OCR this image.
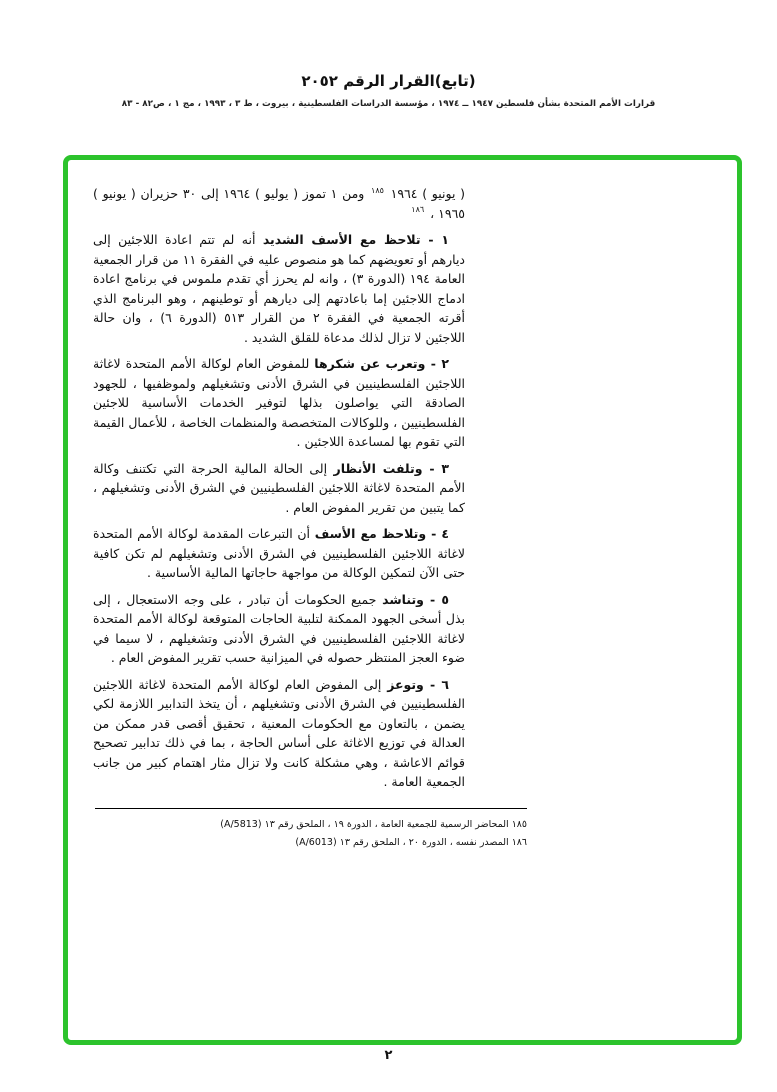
(تابع)القرار الرقم ٢٠٥٢
قرارات الأمم المتحدة بشأن فلسطين ١٩٤٧ ــ ١٩٧٤ ، مؤسسة الدراسات الفلسطينية ، بيروت ، ط ٣ ، ١٩٩٣ ، مج ١ ، ص٨٢ - ٨٣

( يونيو ) ١٩٦٤ $^{١٨٥}$ ومن ١ تموز ( يوليو ) ١٩٦٤ إلى ٣٠ حزيران ( يونيو ) ١٩٦٥ ، $^{١٨٦}$

١ - تلاحظ مع الأسف الشديد أنه لم تتم اعادة اللاجئين إلى ديارهم أو تعويضهم كما هو منصوص عليه في الفقرة ١١ من قرار الجمعية العامة ١٩٤ (الدورة ٣) ، وانه لم يحرز أي تقدم ملموس في برنامج اعادة ادماج اللاجئين إما باعادتهم إلى ديارهم أو توطينهم ، وهو البرنامج الذي أقرته الجمعية في الفقرة ٢ من القرار ٥١٣ (الدورة ٦) ، وان حالة اللاجئين لا تزال لذلك مدعاة للقلق الشديد .

٢ - وتعرب عن شكرها للمفوض العام لوكالة الأمم المتحدة لاغاثة اللاجئين الفلسطينيين في الشرق الأدنى وتشغيلهم ولموظفيها ، للجهود الصادقة التي يواصلون بذلها لتوفير الخدمات الأساسية للاجئين الفلسطينيين ، وللوكالات المتخصصة والمنظمات الخاصة ، للأعمال القيمة التي تقوم بها لمساعدة اللاجئين .

٣ - وتلفت الأنظار إلى الحالة المالية الحرجة التي تكتنف وكالة الأمم المتحدة لاغاثة اللاجئين الفلسطينيين في الشرق الأدنى وتشغيلهم ، كما يتبين من تقرير المفوض العام .

٤ - وتلاحظ مع الأسف أن التبرعات المقدمة لوكالة الأمم المتحدة لاغاثة اللاجئين الفلسطينيين في الشرق الأدنى وتشغيلهم لم تكن كافية حتى الآن لتمكين الوكالة من مواجهة حاجاتها المالية الأساسية .

٥ - وتناشد جميع الحكومات أن تبادر ، على وجه الاستعجال ، إلى بذل أسخى الجهود الممكنة لتلبية الحاجات المتوقعة لوكالة الأمم المتحدة لاغاثة اللاجئين الفلسطينيين في الشرق الأدنى وتشغيلهم ، لا سيما في ضوء العجز المنتظر حصوله في الميزانية حسب تقرير المفوض العام .

٦ - وتوعز إلى المفوض العام لوكالة الأمم المتحدة لاغاثة اللاجئين الفلسطينيين في الشرق الأدنى وتشغيلهم ، أن يتخذ التدابير اللازمة لكي يضمن ، بالتعاون مع الحكومات المعنية ، تحقيق أقصى قدر ممكن من العدالة في توزيع الاغاثة على أساس الحاجة ، بما في ذلك تدابير تصحيح قوائم الاعاشة ، وهي مشكلة كانت ولا تزال مثار اهتمام كبير من جانب الجمعية العامة .

١٨٥ المحاضر الرسمية للجمعية العامة ، الدورة ١٩ ، الملحق رقم ١٣ (A/5813)
١٨٦ المصدر نفسه ، الدورة ٢٠ ، الملحق رقم ١٣ (A/6013)
٢
